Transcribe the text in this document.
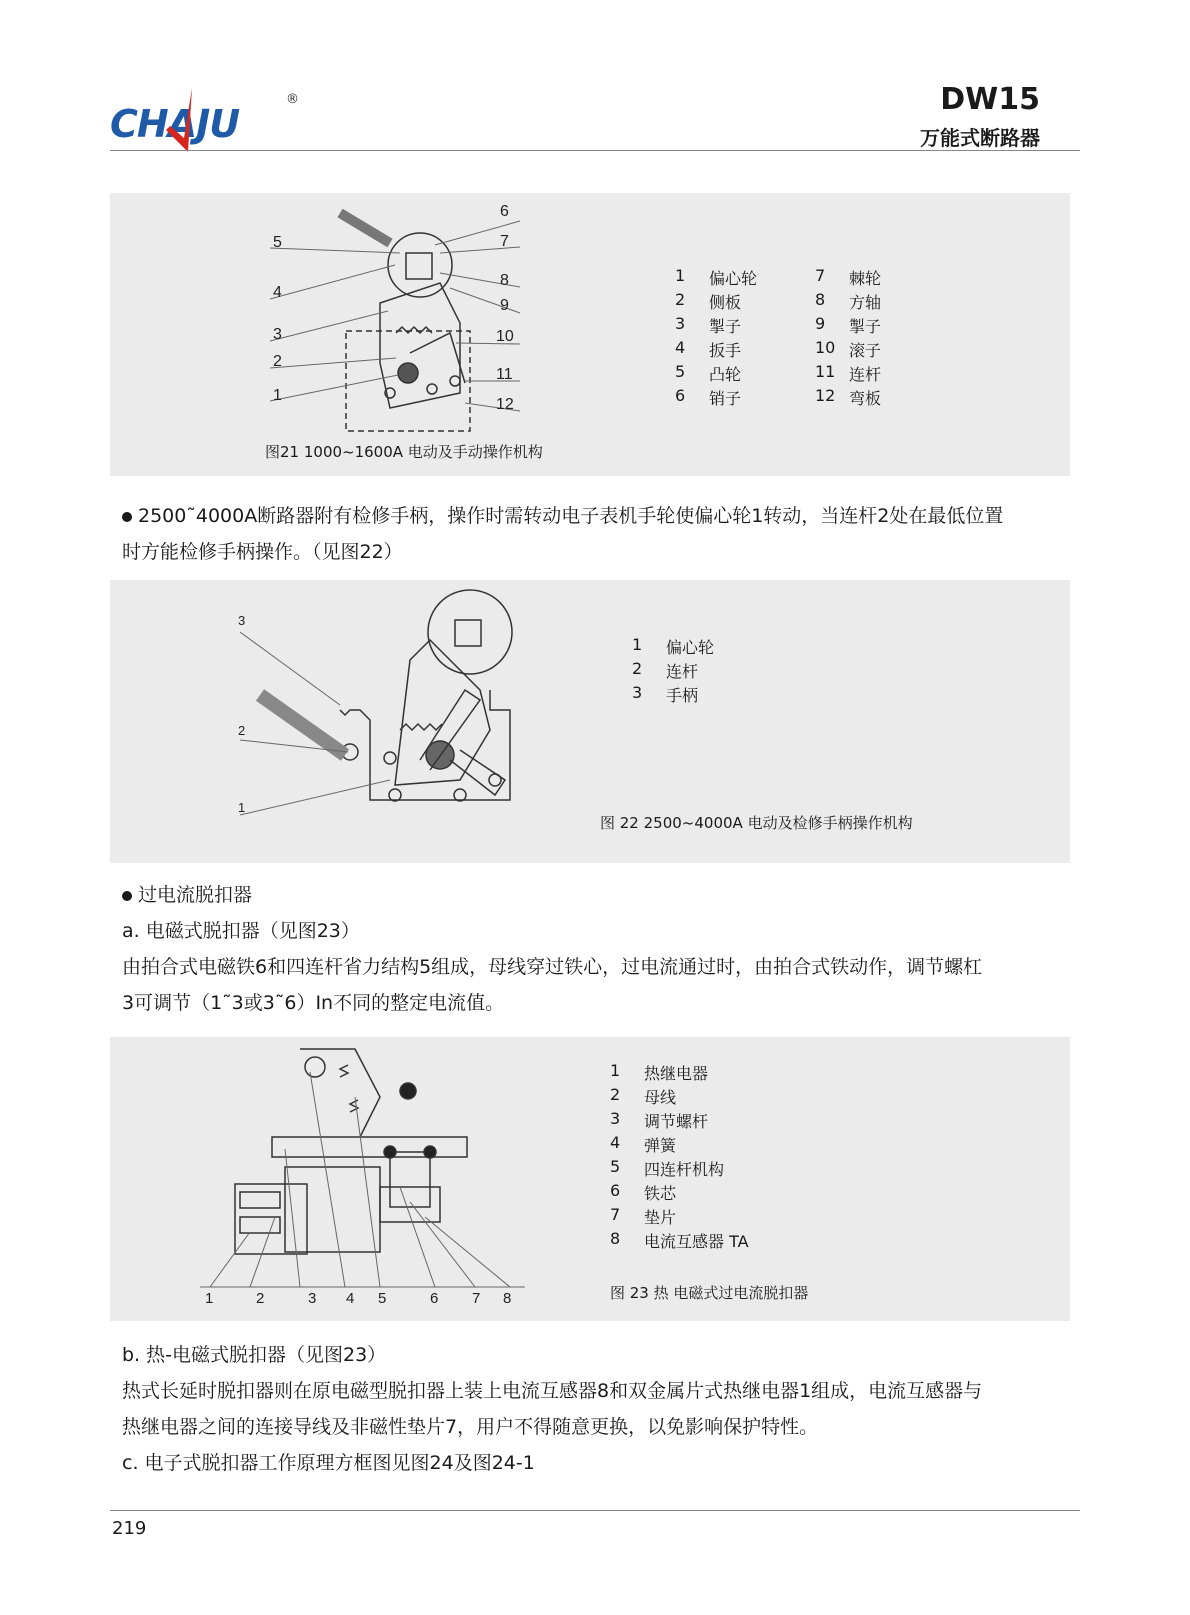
CHAJU
®	DW15
万能式断路器
6
7
5
4
8
9
3	10
2
11
1
12
图21 1000~1600A 电动及手动操作机构
1	偏心轮
2	侧板
3	掣子
4	扳手
5	凸轮
6	销子
7	棘轮
8	方轴
9	掣子
10 滚子
11 连杆
12 弯板
2500˜4000A断路器附有检修手柄，操作时需转动电子表机手轮使偏心轮1转动，当连杆2处在最低位置
时方能检修手柄操作。（见图22）
3
2
1
1	偏心轮
2	连杆
3	手柄
图 22 2500~4000A 电动及检修手柄操作机构
过电流脱扣器
a. 电磁式脱扣器（见图23）
由拍合式电磁铁6和四连杆省力结构5组成，母线穿过铁心，过电流通过时，由拍合式铁动作，调节螺杠
3可调节（1˜3或3˜6）In不同的整定电流值。
1	2	3 4 5	6 7 8
1	热继电器
2	母线
3	调节螺杆
4	弹簧
5	四连杆机构
6	铁芯
7	垫片
8	电流互感器 TA
图 23 热 电磁式过电流脱扣器
b. 热-电磁式脱扣器（见图23）
热式长延时脱扣器则在原电磁型脱扣器上装上电流互感器8和双金属片式热继电器1组成，电流互感器与
热继电器之间的连接导线及非磁性垫片7，用户不得随意更换，以免影响保护特性。
c. 电子式脱扣器工作原理方框图见图24及图24-1
219
